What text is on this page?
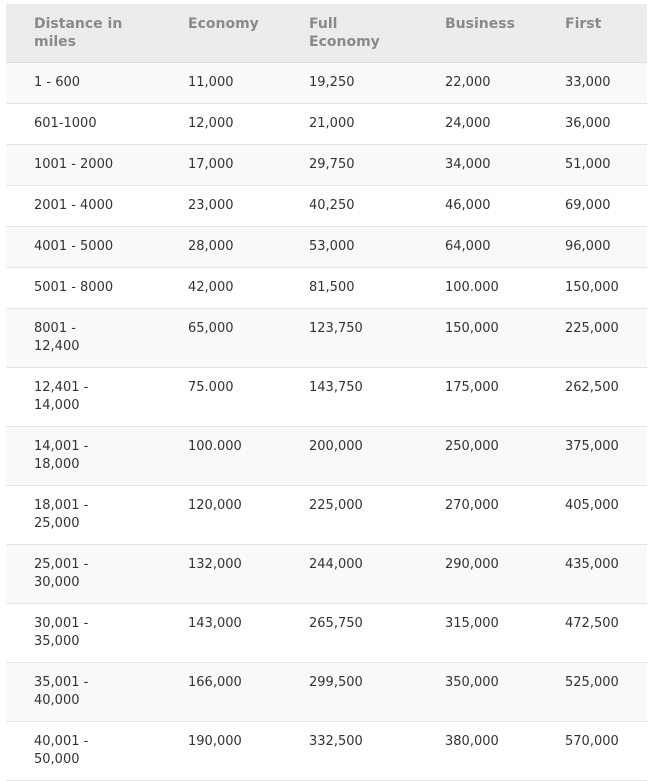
Distance in miles	Economy	Full Economy	Business	First
1 - 600	11,000	19,250	22,000	33,000
601-1000	12,000	21,000	24,000	36,000
1001 - 2000	17,000	29,750	34,000	51,000
2001 - 4000	23,000	40,250	46,000	69,000
4001 - 5000	28,000	53,000	64,000	96,000
5001 - 8000	42,000	81,500	100.000	150,000
8001 - 12,400	65,000	123,750	150,000	225,000
12,401 - 14,000	75.000	143,750	175,000	262,500
14,001 - 18,000	100.000	200,000	250,000	375,000
18,001 - 25,000	120,000	225,000	270,000	405,000
25,001 - 30,000	132,000	244,000	290,000	435,000
30,001 - 35,000	143,000	265,750	315,000	472,500
35,001 - 40,000	166,000	299,500	350,000	525,000
40,001 - 50,000	190,000	332,500	380,000	570,000
